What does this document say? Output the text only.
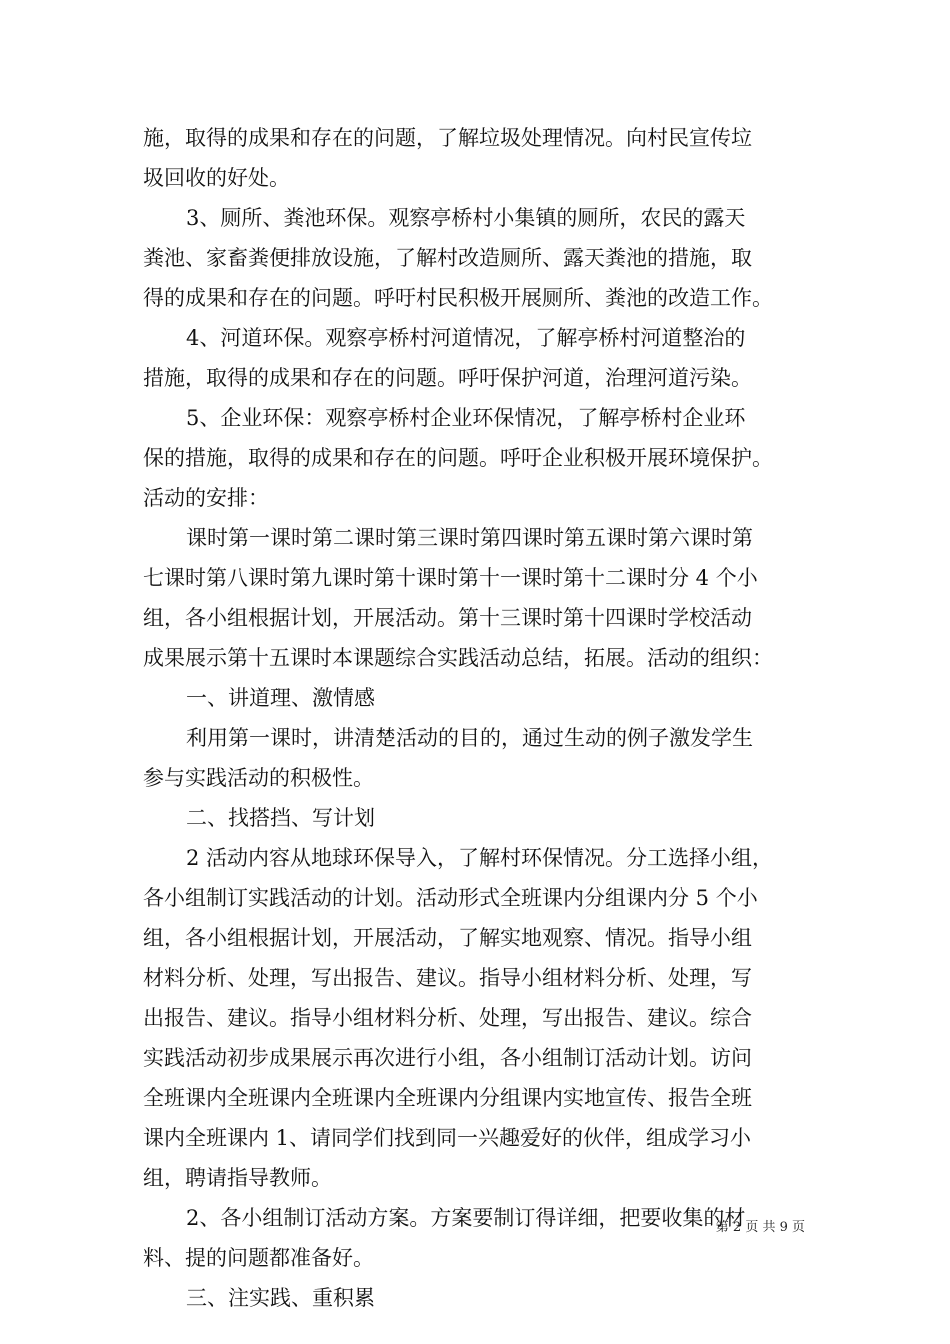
施，取得的成果和存在的问题，了解垃圾处理情况。向村民宣传垃
圾回收的好处。
3、厕所、粪池环保。观察亭桥村小集镇的厕所，农民的露天
粪池、家畜粪便排放设施，了解村改造厕所、露天粪池的措施，取
得的成果和存在的问题。呼吁村民积极开展厕所、粪池的改造工作。
4、河道环保。观察亭桥村河道情况，了解亭桥村河道整治的
措施，取得的成果和存在的问题。呼吁保护河道，治理河道污染。
5、企业环保：观察亭桥村企业环保情况，了解亭桥村企业环
保的措施，取得的成果和存在的问题。呼吁企业积极开展环境保护。
活动的安排：
课时第一课时第二课时第三课时第四课时第五课时第六课时第
七课时第八课时第九课时第十课时第十一课时第十二课时分 4 个小
组，各小组根据计划，开展活动。第十三课时第十四课时学校活动
成果展示第十五课时本课题综合实践活动总结，拓展。活动的组织：
一、讲道理、激情感
利用第一课时，讲清楚活动的目的，通过生动的例子激发学生
参与实践活动的积极性。
二、找搭挡、写计划
2 活动内容从地球环保导入，了解村环保情况。分工选择小组，
各小组制订实践活动的计划。活动形式全班课内分组课内分 5 个小
组，各小组根据计划，开展活动，了解实地观察、情况。指导小组
材料分析、处理，写出报告、建议。指导小组材料分析、处理，写
出报告、建议。指导小组材料分析、处理，写出报告、建议。综合
实践活动初步成果展示再次进行小组，各小组制订活动计划。访问
全班课内全班课内全班课内全班课内分组课内实地宣传、报告全班
课内全班课内 1、请同学们找到同一兴趣爱好的伙伴，组成学习小
组，聘请指导教师。
2、各小组制订活动方案。方案要制订得详细，把要收集的材
料、提的问题都准备好。
三、注实践、重积累
第 2 页 共 9 页
